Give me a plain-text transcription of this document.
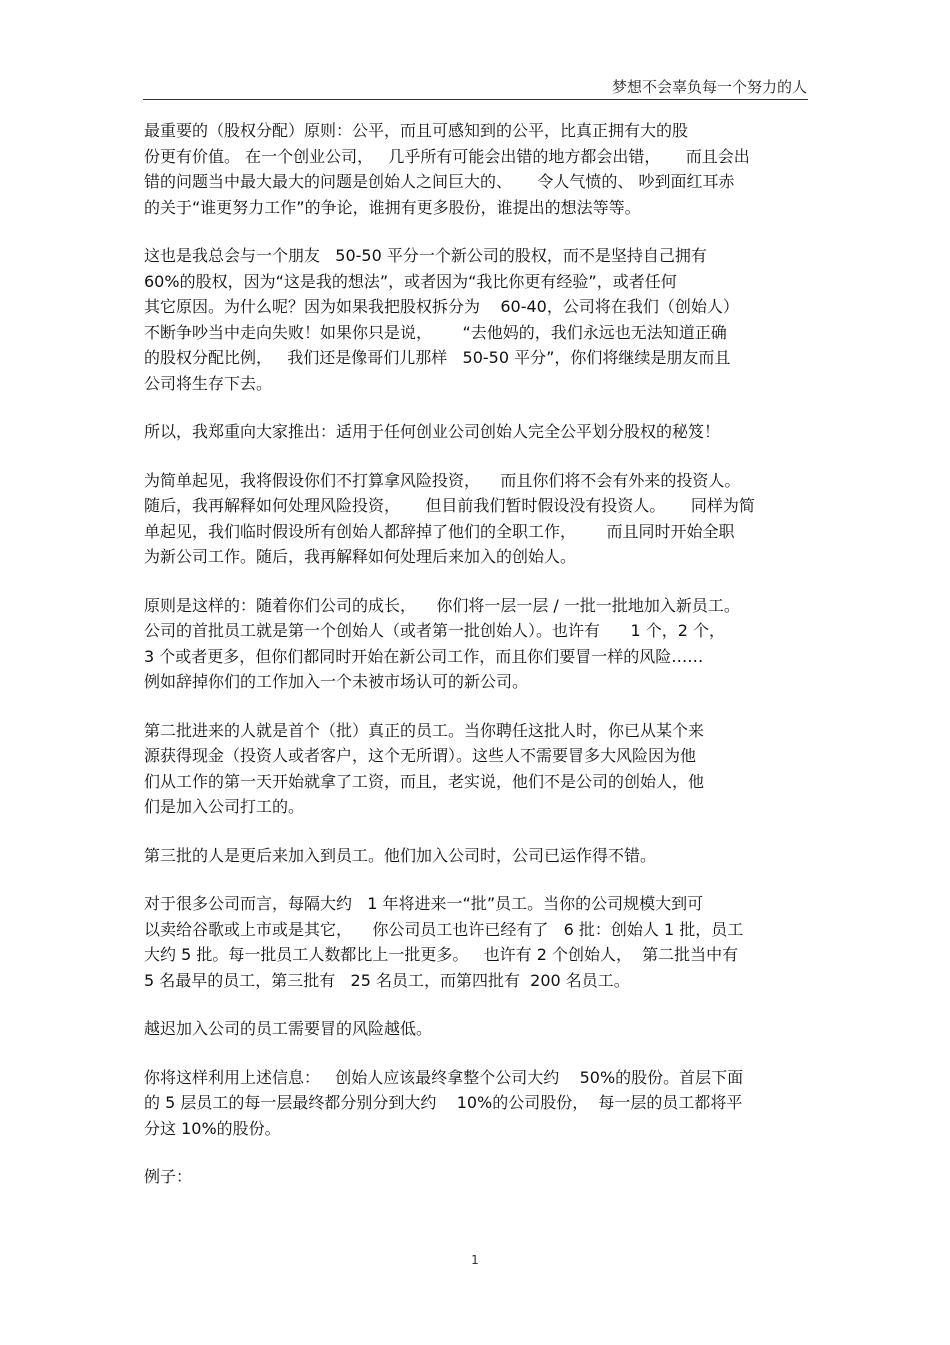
梦想不会辜负每一个努力的人
最重要的（股权分配）原则：公平，而且可感知到的公平，比真正拥有大的股
份更有价值。 在一个创业公司，   几乎所有可能会出错的地方都会出错，     而且会出
错的问题当中最大最大的问题是创始人之间巨大的、     令人气愤的、 吵到面红耳赤
的关于“谁更努力工作”的争论，谁拥有更多股份，谁提出的想法等等。
这也是我总会与一个朋友   50-50 平分一个新公司的股权，而不是坚持自己拥有
60%的股权，因为“这是我的想法”，或者因为“我比你更有经验”，或者任何
其它原因。为什么呢？因为如果我把股权拆分为    60-40，公司将在我们（创始人）
不断争吵当中走向失败！如果你只是说，      “去他妈的，我们永远也无法知道正确
的股权分配比例，   我们还是像哥们儿那样   50-50 平分”，你们将继续是朋友而且
公司将生存下去。
所以，我郑重向大家推出：适用于任何创业公司创始人完全公平划分股权的秘笈！
为简单起见，我将假设你们不打算拿风险投资，    而且你们将不会有外来的投资人。
随后，我再解释如何处理风险投资，     但目前我们暂时假设没有投资人。     同样为简
单起见，我们临时假设所有创始人都辞掉了他们的全职工作，      而且同时开始全职
为新公司工作。随后，我再解释如何处理后来加入的创始人。
原则是这样的：随着你们公司的成长，    你们将一层一层 / 一批一批地加入新员工。
公司的首批员工就是第一个创始人（或者第一批创始人）。也许有      1 个，2 个，
3 个或者更多，但你们都同时开始在新公司工作，而且你们要冒一样的风险……
例如辞掉你们的工作加入一个未被市场认可的新公司。
第二批进来的人就是首个（批）真正的员工。当你聘任这批人时，你已从某个来
源获得现金（投资人或者客户，这个无所谓）。这些人不需要冒多大风险因为他
们从工作的第一天开始就拿了工资，而且，老实说，他们不是公司的创始人，他
们是加入公司打工的。
第三批的人是更后来加入到员工。他们加入公司时，公司已运作得不错。
对于很多公司而言，每隔大约   1 年将进来一“批”员工。当你的公司规模大到可
以卖给谷歌或上市或是其它，    你公司员工也许已经有了   6 批：创始人 1 批，员工
大约 5 批。每一批员工人数都比上一批更多。   也许有 2 个创始人，  第二批当中有
5 名最早的员工，第三批有   25 名员工，而第四批有  200 名员工。
越迟加入公司的员工需要冒的风险越低。
你将这样利用上述信息：   创始人应该最终拿整个公司大约    50%的股份。首层下面
的 5 层员工的每一层最终都分别分到大约    10%的公司股份，  每一层的员工都将平
分这 10%的股份。
例子：
1
